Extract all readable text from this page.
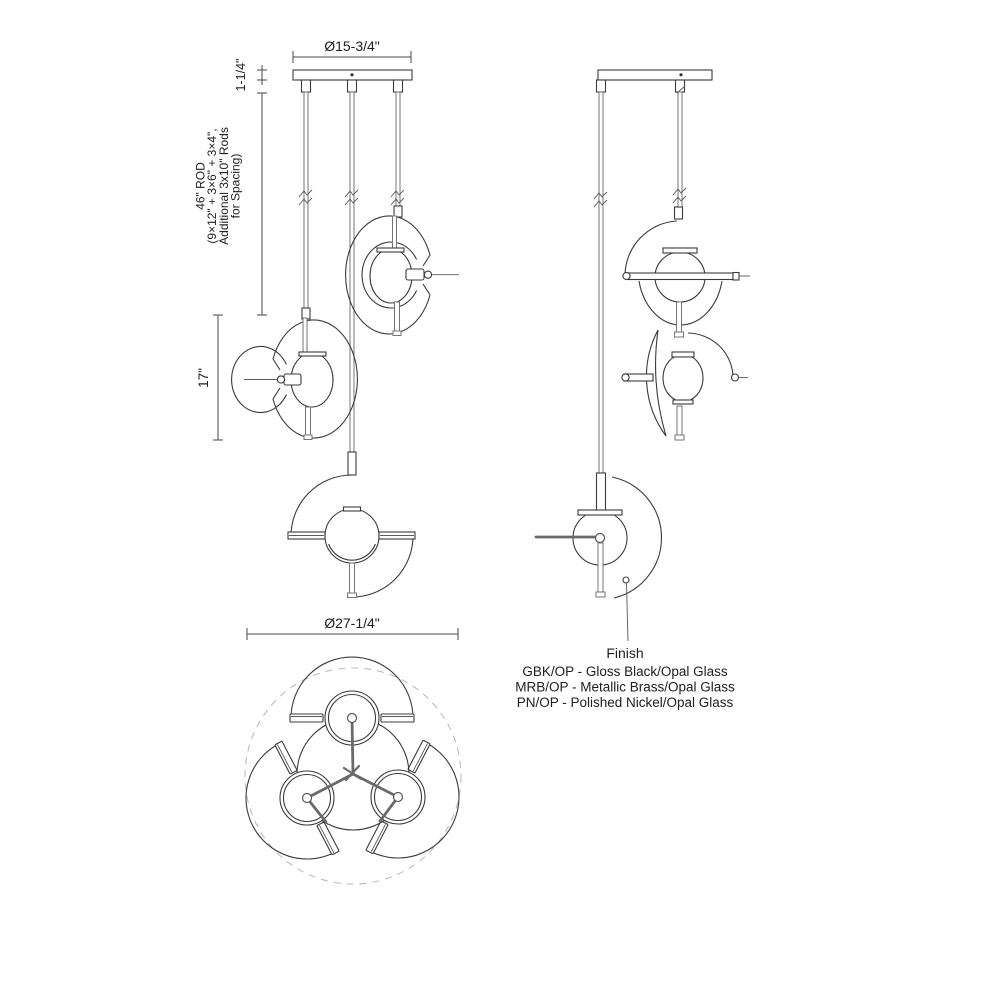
Ø15-3/4"
1-1/4"
46" ROD
(9×12" + 3×6" + 3×4",
Additional 3x10" Rods
for Spacing)
17"
Ø27-1/4"
Finish
GBK/OP - Gloss Black/Opal Glass
MRB/OP - Metallic Brass/Opal Glass
PN/OP - Polished Nickel/Opal Glass
